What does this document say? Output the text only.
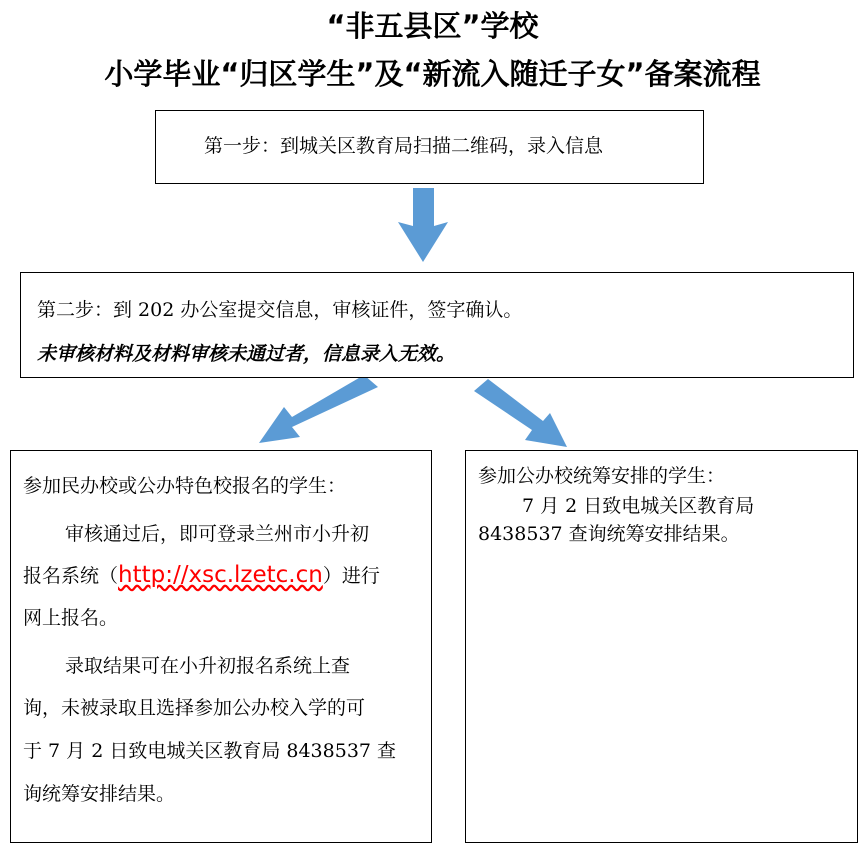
“非五县区”学校
小学毕业“归区学生”及“新流入随迁子女”备案流程
第一步：到城关区教育局扫描二维码，录入信息
第二步：到 202 办公室提交信息，审核证件，签字确认。
未审核材料及材料审核未通过者，信息录入无效。
参加民办校或公办特色校报名的学生：
审核通过后，即可登录兰州市小升初
报名系统（http://xsc.lzetc.cn）进行
网上报名。
录取结果可在小升初报名系统上查
询，未被录取且选择参加公办校入学的可
于 7 月 2 日致电城关区教育局 8438537 查
询统筹安排结果。
参加公办校统筹安排的学生：
7 月 2 日致电城关区教育局
8438537 查询统筹安排结果。
